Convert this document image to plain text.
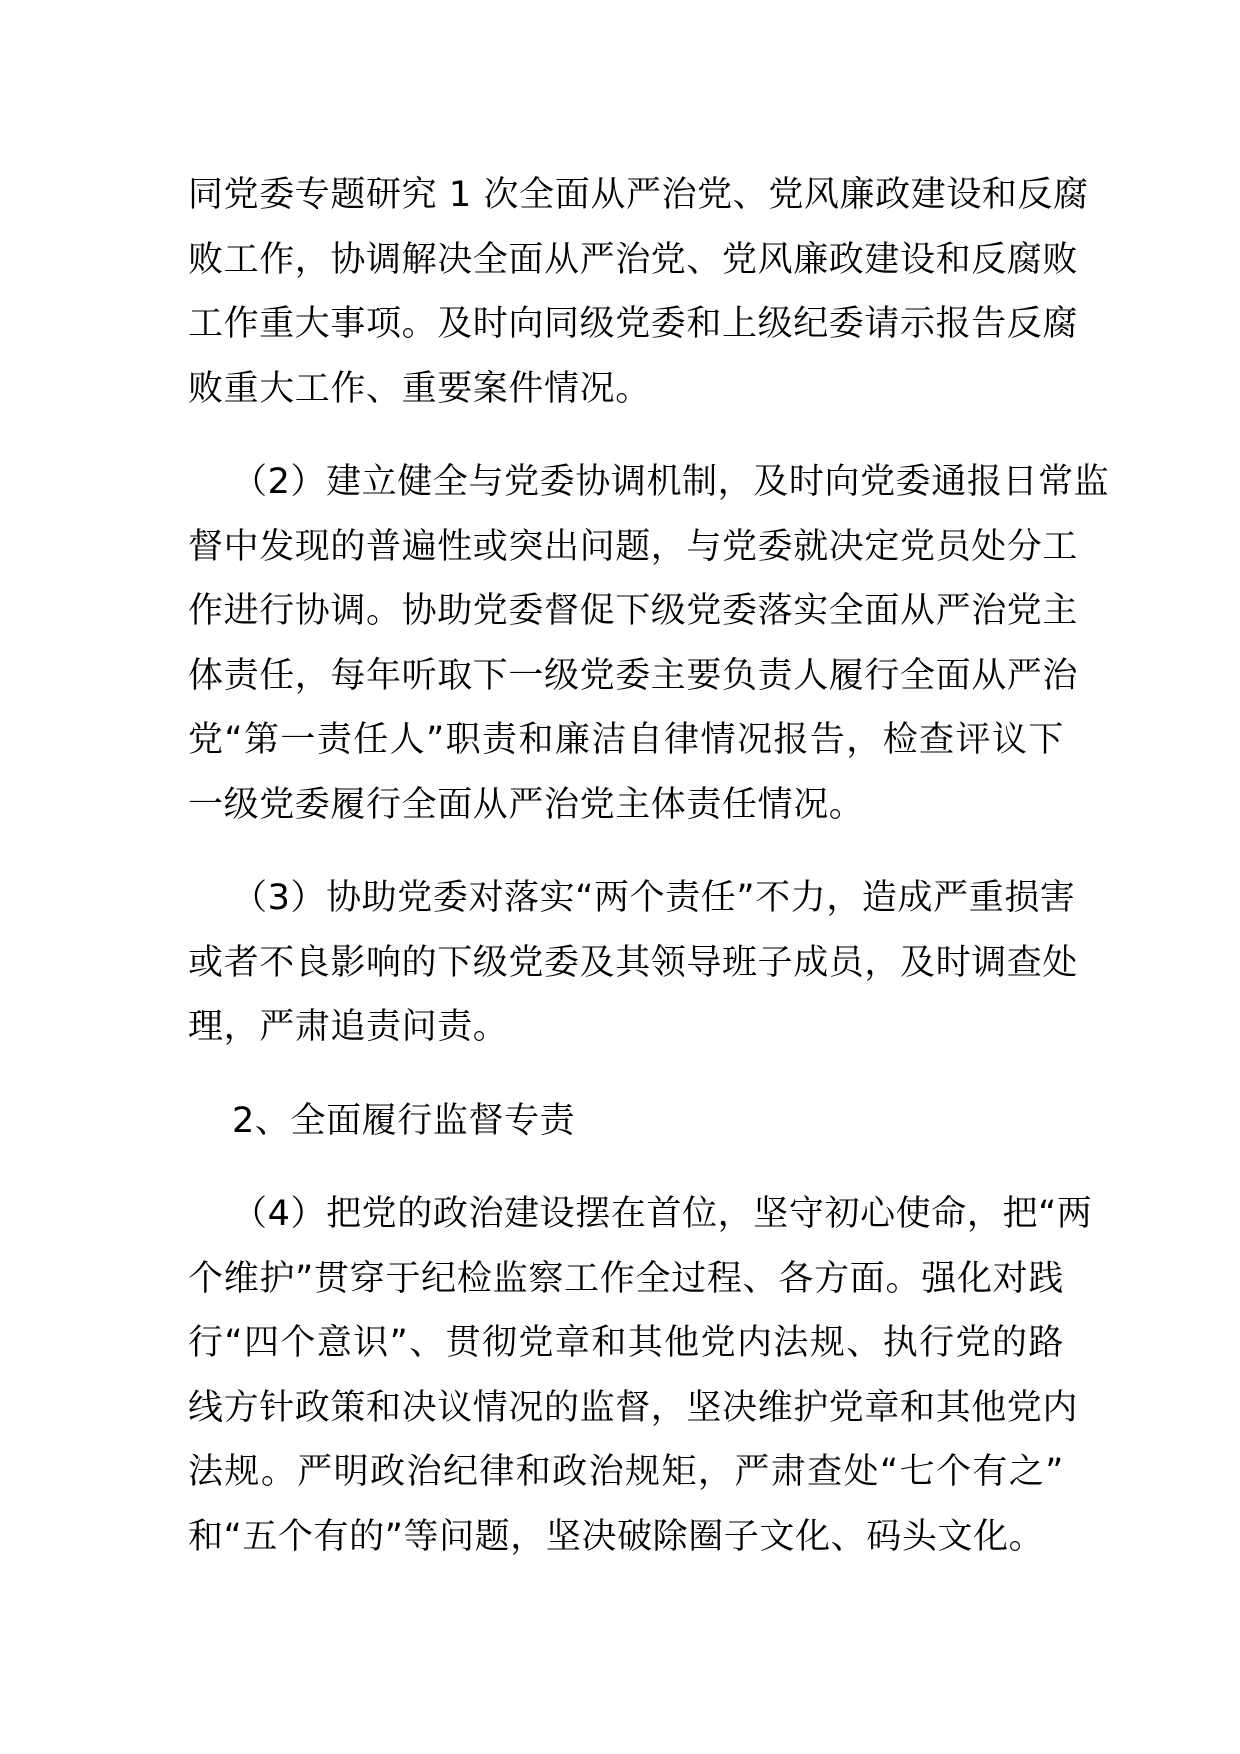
同党委专题研究 1 次全面从严治党、党风廉政建设和反腐
败工作，协调解决全面从严治党、党风廉政建设和反腐败
工作重大事项。及时向同级党委和上级纪委请示报告反腐
败重大工作、重要案件情况。
（2）建立健全与党委协调机制，及时向党委通报日常监
督中发现的普遍性或突出问题，与党委就决定党员处分工
作进行协调。协助党委督促下级党委落实全面从严治党主
体责任，每年听取下一级党委主要负责人履行全面从严治
党“第一责任人”职责和廉洁自律情况报告，检查评议下
一级党委履行全面从严治党主体责任情况。
（3）协助党委对落实“两个责任”不力，造成严重损害
或者不良影响的下级党委及其领导班子成员，及时调查处
理，严肃追责问责。
2、全面履行监督专责
（4）把党的政治建设摆在首位，坚守初心使命，把“两
个维护”贯穿于纪检监察工作全过程、各方面。强化对践
行“四个意识”、贯彻党章和其他党内法规、执行党的路
线方针政策和决议情况的监督，坚决维护党章和其他党内
法规。严明政治纪律和政治规矩，严肃查处“七个有之”
和“五个有的”等问题，坚决破除圈子文化、码头文化。
